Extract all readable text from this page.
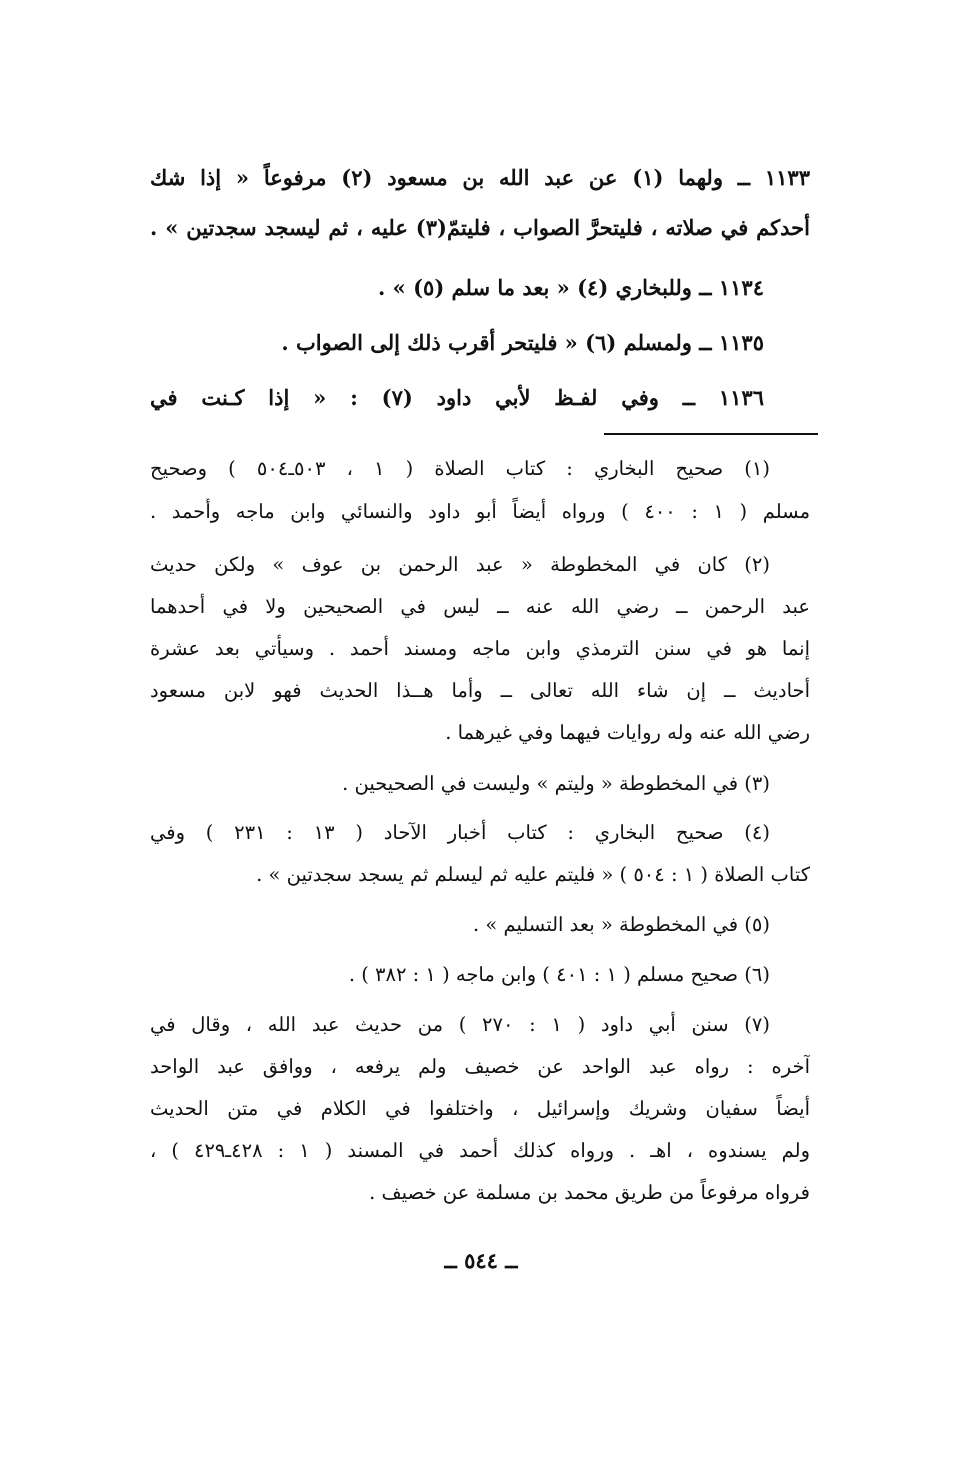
١١٣٣ ــ ولهما (١) عن عبد الله بن مسعود (٢) مرفوعاً « إذا شك
أحدكم في صلاته ، فليتحرَّ الصواب ، فليتمّ(٣) عليه ، ثم ليسجد سجدتين » .
١١٣٤ ــ وللبخاري (٤) « بعد ما سلم (٥) » .
١١٣٥ ــ ولمسلم (٦) « فليتحر أقرب ذلك إلى الصواب .
١١٣٦ ــ وفي لفـظ لأبي داود (٧) : « إذا كـنت في
(١) صحيح البخاري : كتاب الصلاة ( ١ ، ٥٠٣ـ٥٠٤ ) وصحيح
مسلم ( ١ : ٤٠٠ ) ورواه أيضاً أبو داود والنسائي وابن ماجه وأحمد .
(٢) كان في المخطوطة « عبد الرحمن بن عوف » ولكن حديث
عبد الرحمن ــ رضي الله عنه ــ ليس في الصحيحين ولا في أحدهما
إنما هو في سنن الترمذي وابن ماجه ومسند أحمد . وسيأتي بعد عشرة
أحاديث ــ إن شاء الله تعالى ــ وأما هــذا الحديث فهو لابن مسعود
رضي الله عنه وله روايات فيهما وفي غيرهما .
(٣) في المخطوطة « وليتم » وليست في الصحيحين .
(٤) صحيح البخاري : كتاب أخبار الآحاد ( ١٣ : ٢٣١ ) وفي
كتاب الصلاة ( ١ : ٥٠٤ ) « فليتم عليه ثم ليسلم ثم يسجد سجدتين » .
(٥) في المخطوطة « بعد التسليم » .
(٦) صحيح مسلم ( ١ : ٤٠١ ) وابن ماجه ( ١ : ٣٨٢ ) .
(٧) سنن أبي داود ( ١ : ٢٧٠ ) من حديث عبد الله ، وقال في
آخره : رواه عبد الواحد عن خصيف ولم يرفعه ، ووافق عبد الواحد
أيضاً سفيان وشريك وإسرائيل ، واختلفوا في الكلام في متن الحديث
ولم يسندوه ، اهـ . ورواه كذلك أحمد في المسند ( ١ : ٤٢٨ـ٤٢٩ ) ،
فرواه مرفوعاً من طريق محمد بن مسلمة عن خصيف .
ــ ٥٤٤ ــ
